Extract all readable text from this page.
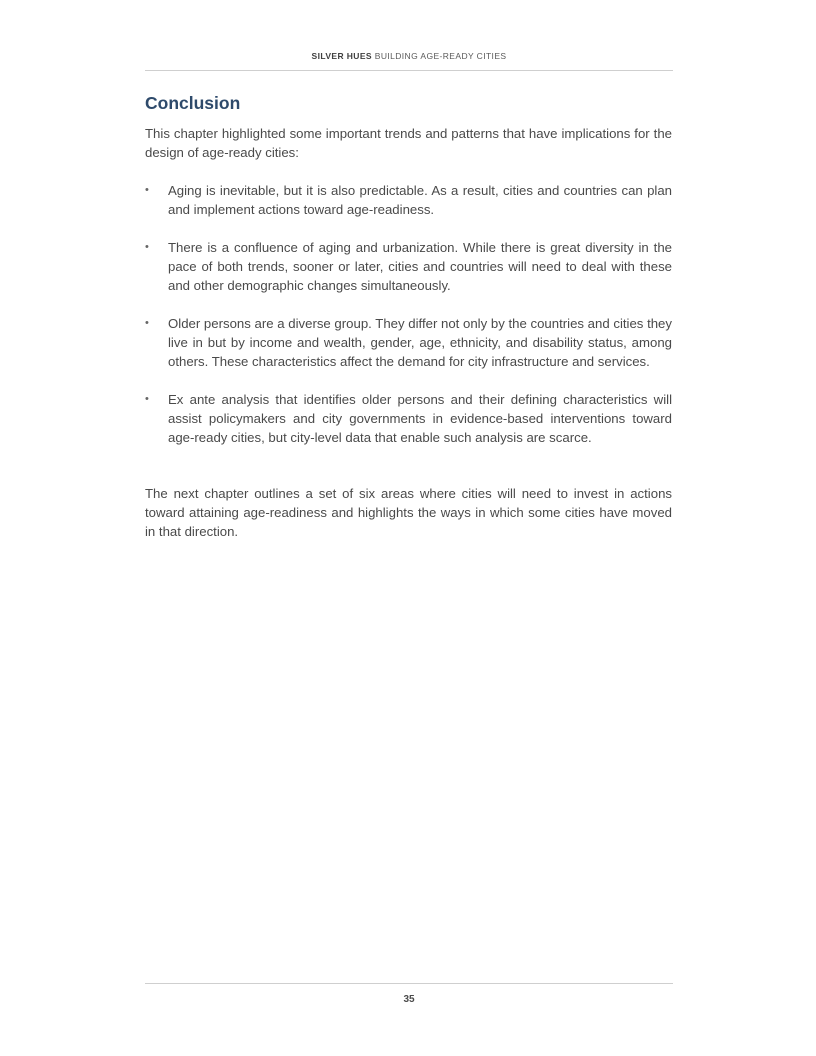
SILVER HUES BUILDING AGE-READY CITIES
Conclusion

This chapter highlighted some important trends and patterns that have implications for the design of age-ready cities:

• Aging is inevitable, but it is also predictable. As a result, cities and countries can plan and implement actions toward age-readiness.
• There is a confluence of aging and urbanization. While there is great diversity in the pace of both trends, sooner or later, cities and countries will need to deal with these and other demographic changes simultaneously.
• Older persons are a diverse group. They differ not only by the countries and cities they live in but by income and wealth, gender, age, ethnicity, and disability status, among others. These characteristics affect the demand for city infrastructure and services.
• Ex ante analysis that identifies older persons and their defining characteristics will assist policymakers and city governments in evidence-based interventions toward age-ready cities, but city-level data that enable such analysis are scarce.

The next chapter outlines a set of six areas where cities will need to invest in actions toward attaining age-readiness and highlights the ways in which some cities have moved in that direction.

35
